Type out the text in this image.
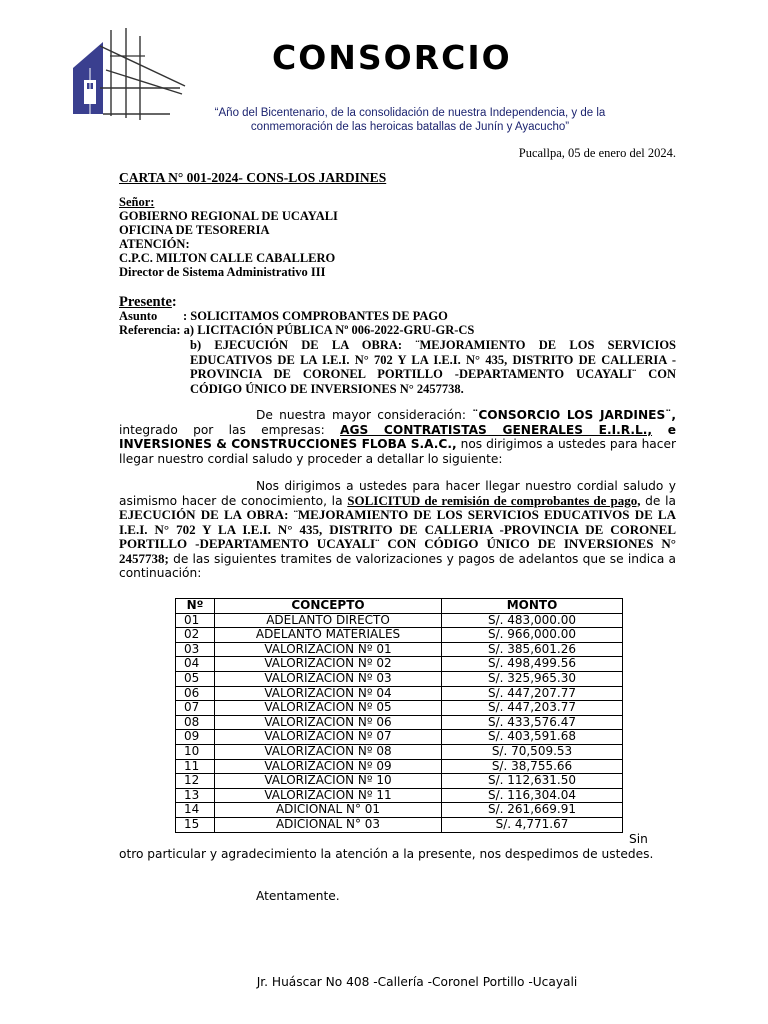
CONSORCIO
“Año del Bicentenario, de la consolidación de nuestra Independencia, y de la
conmemoración de las heroicas batallas de Junín y Ayacucho”
Pucallpa, 05 de enero del 2024.
CARTA N° 001-2024- CONS-LOS JARDINES
Señor:
GOBIERNO REGIONAL DE UCAYALI
OFICINA DE TESORERIA
ATENCIÓN:
C.P.C. MILTON CALLE CABALLERO
Director de Sistema Administrativo III
Presente:
Asunto : SOLICITAMOS COMPROBANTES DE PAGO
Referencia: a) LICITACIÓN PÚBLICA Nº 006-2022-GRU-GR-CS
b) EJECUCIÓN DE LA OBRA: ¨MEJORAMIENTO DE LOS SERVICIOS EDUCATIVOS DE LA I.E.I. N° 702 Y LA I.E.I. N° 435, DISTRITO DE CALLERIA -PROVINCIA DE CORONEL PORTILLO -DEPARTAMENTO UCAYALI¨ CON CÓDIGO ÚNICO DE INVERSIONES N° 2457738.
De nuestra mayor consideración: ¨CONSORCIO LOS JARDINES¨, integrado por las empresas: AGS CONTRATISTAS GENERALES E.I.R.L., e INVERSIONES & CONSTRUCCIONES FLOBA S.A.C., nos dirigimos a ustedes para hacer llegar nuestro cordial saludo y proceder a detallar lo siguiente:
Nos dirigimos a ustedes para hacer llegar nuestro cordial saludo y asimismo hacer de conocimiento, la SOLICITUD de remisión de comprobantes de pago, de la EJECUCIÓN DE LA OBRA: ¨MEJORAMIENTO DE LOS SERVICIOS EDUCATIVOS DE LA I.E.I. N° 702 Y LA I.E.I. N° 435, DISTRITO DE CALLERIA -PROVINCIA DE CORONEL PORTILLO -DEPARTAMENTO UCAYALI¨ CON CÓDIGO ÚNICO DE INVERSIONES N° 2457738; de las siguientes tramites de valorizaciones y pagos de adelantos que se indica a continuación:
Nº	CONCEPTO	MONTO
01	ADELANTO DIRECTO	S/. 483,000.00
02	ADELANTO MATERIALES	S/. 966,000.00
03	VALORIZACION Nº 01	S/. 385,601.26
04	VALORIZACION Nº 02	S/. 498,499.56
05	VALORIZACION Nº 03	S/. 325,965.30
06	VALORIZACION Nº 04	S/. 447,207.77
07	VALORIZACION Nº 05	S/. 447,203.77
08	VALORIZACION Nº 06	S/. 433,576.47
09	VALORIZACION Nº 07	S/. 403,591.68
10	VALORIZACION Nº 08	S/. 70,509.53
11	VALORIZACION Nº 09	S/. 38,755.66
12	VALORIZACION Nº 10	S/. 112,631.50
13	VALORIZACION Nº 11	S/. 116,304.04
14	ADICIONAL N° 01	S/. 261,669.91
15	ADICIONAL N° 03	S/. 4,771.67
Sin
otro particular y agradecimiento la atención a la presente, nos despedimos de ustedes.
Atentamente.
Jr. Huáscar No 408 -Callería -Coronel Portillo -Ucayali
